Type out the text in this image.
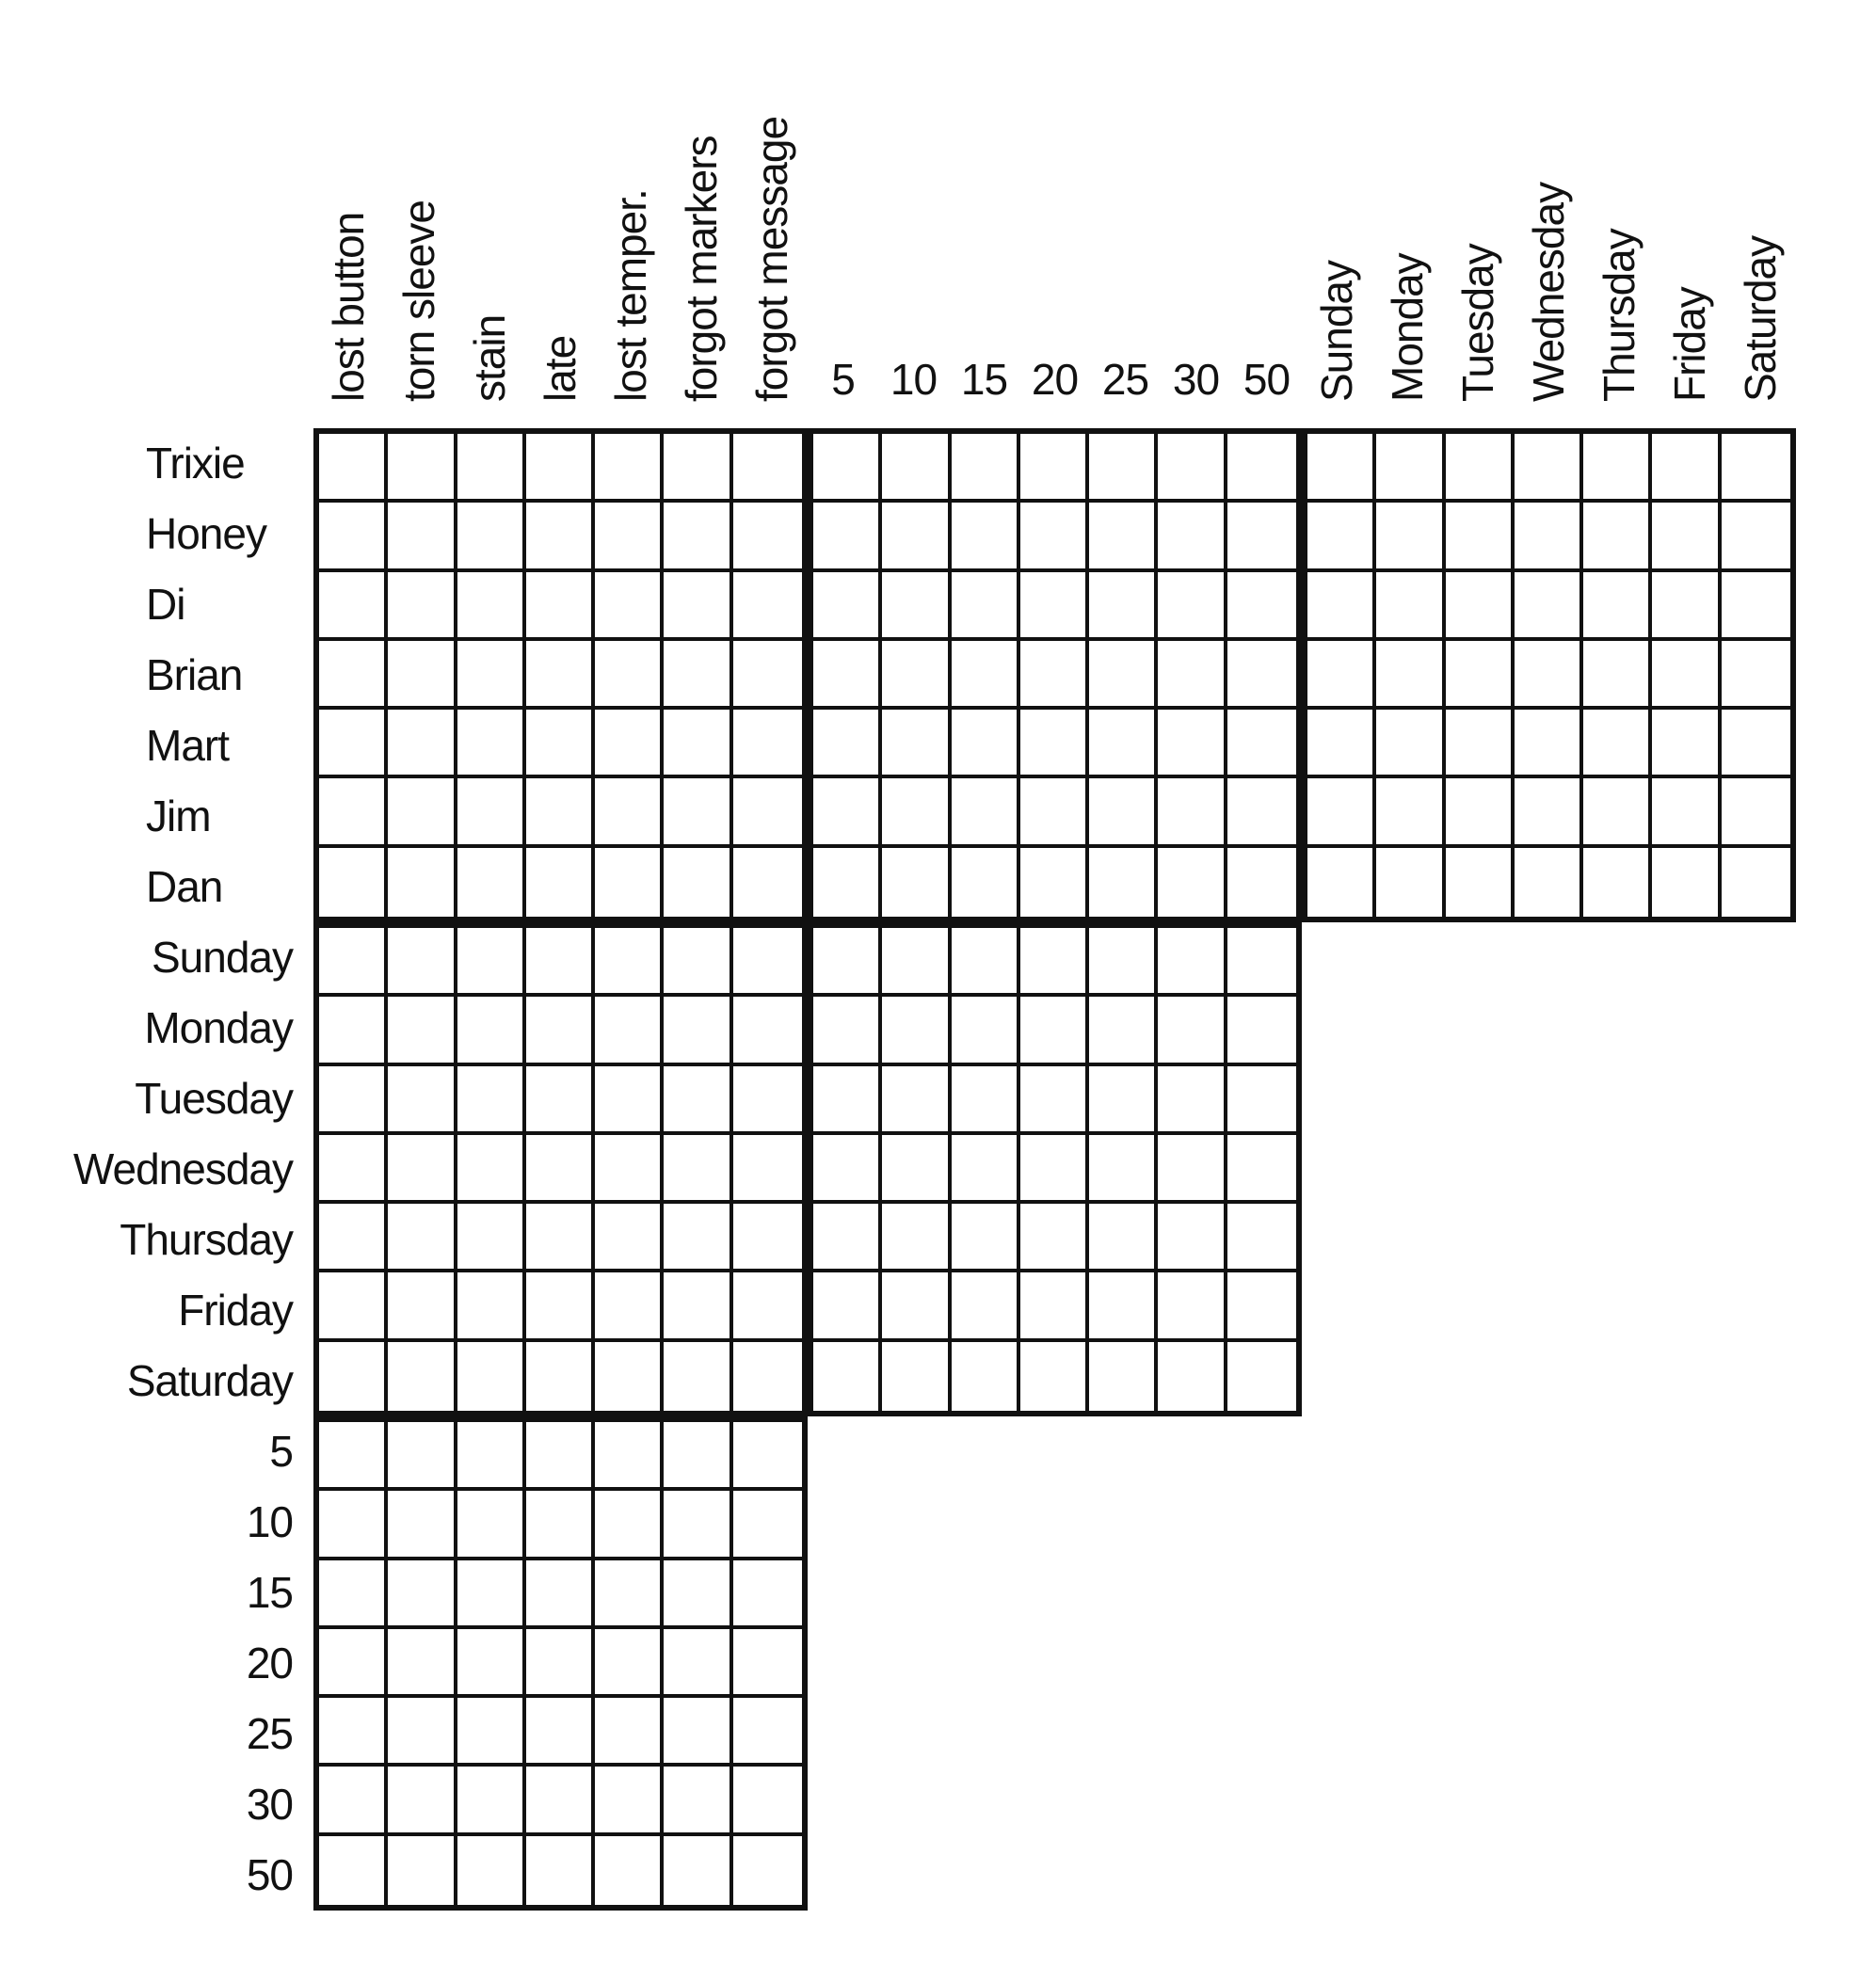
lost button torn sleeve stain late lost temper. forgot markers forgot message	Sunday Monday Tuesday Wednesday Thursday Friday Saturday
5 10 15 20 25 30 50
Trixie
Honey
Di
Brian
Mart
Jim
Dan
Sunday
Monday
Tuesday
Wednesday
Thursday
Friday
Saturday
5
10
15
20
25
30
50
